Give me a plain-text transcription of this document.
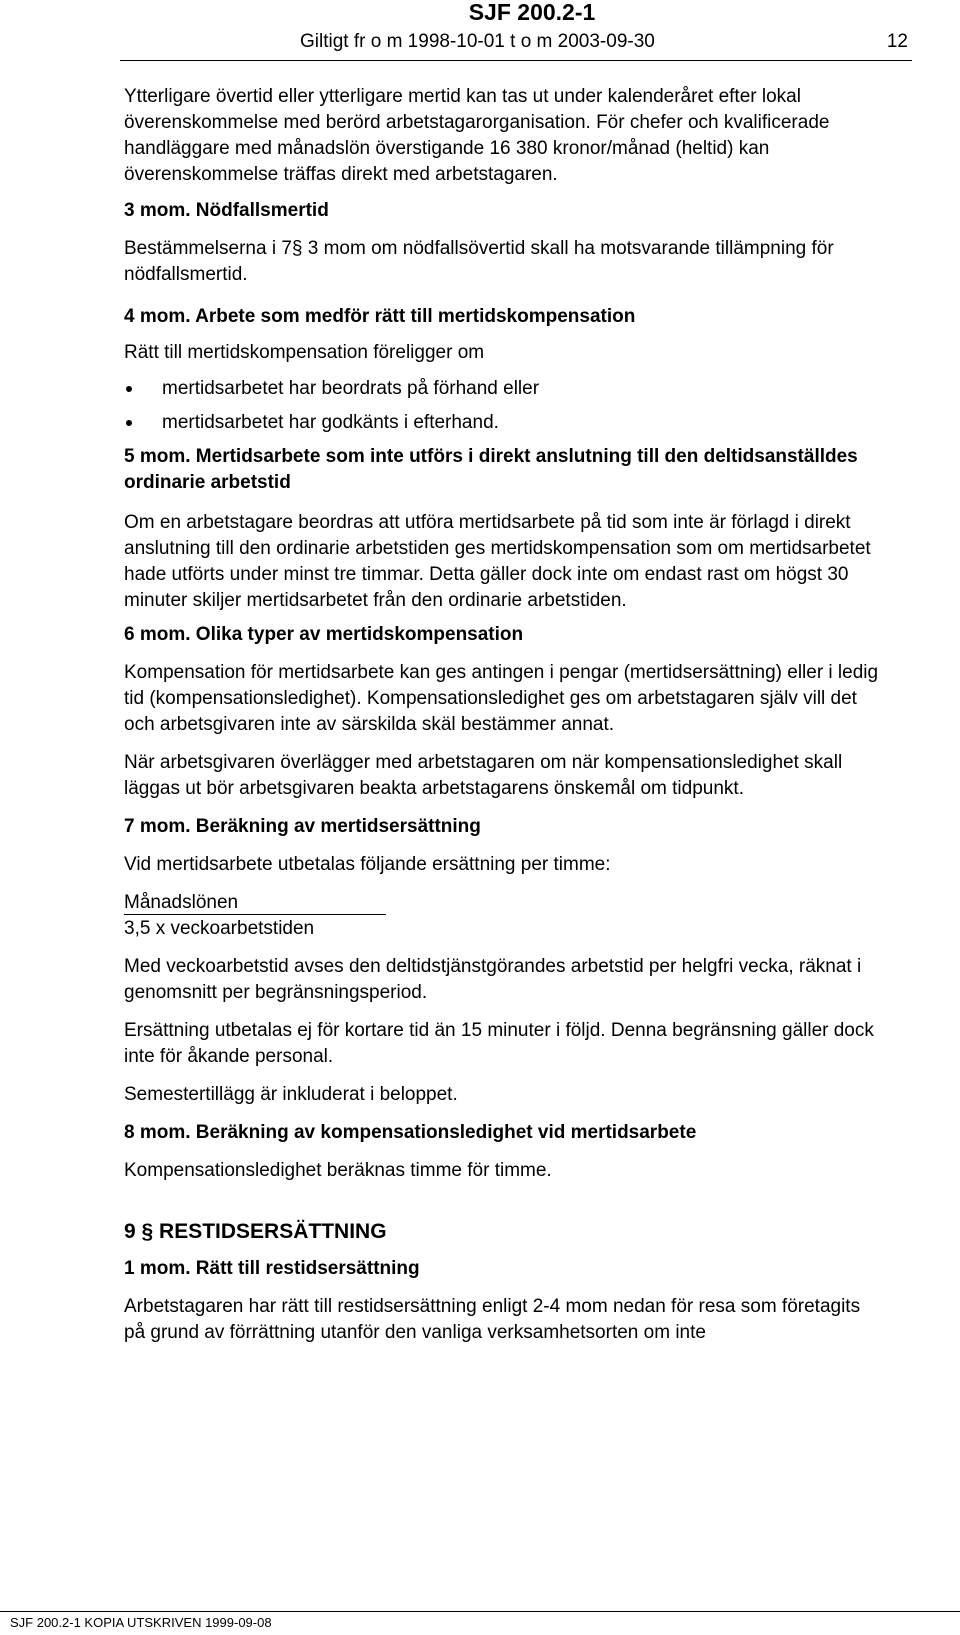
SJF 200.2-1
Giltigt fr o m 1998-10-01 t o m 2003-09-30	12

Ytterligare övertid eller ytterligare mertid kan tas ut under kalenderåret efter lokal överenskommelse med berörd arbetstagarorganisation. För chefer och kvalificerade handläggare med månadslön överstigande 16 380 kronor/månad (heltid) kan överenskommelse träffas direkt med arbetstagaren.

3 mom. Nödfallsmertid

Bestämmelserna i 7§ 3 mom om nödfallsövertid skall ha motsvarande tillämpning för nödfallsmertid.

4 mom. Arbete som medför rätt till mertidskompensation

Rätt till mertidskompensation föreligger om

mertidsarbetet har beordrats på förhand eller
mertidsarbetet har godkänts i efterhand.

5 mom. Mertidsarbete som inte utförs i direkt anslutning till den deltidsanställdes ordinarie arbetstid

Om en arbetstagare beordras att utföra mertidsarbete på tid som inte är förlagd i direkt anslutning till den ordinarie arbetstiden ges mertidskompensation som om mertidsarbetet hade utförts under minst tre timmar. Detta gäller dock inte om endast rast om högst 30 minuter skiljer mertidsarbetet från den ordinarie arbetstiden.

6 mom. Olika typer av mertidskompensation

Kompensation för mertidsarbete kan ges antingen i pengar (mertidsersättning) eller i ledig tid (kompensationsledighet). Kompensationsledighet ges om arbetstagaren själv vill det och arbetsgivaren inte av särskilda skäl bestämmer annat.

När arbetsgivaren överlägger med arbetstagaren om när kompensationsledighet skall läggas ut bör arbetsgivaren beakta arbetstagarens önskemål om tidpunkt.

7 mom. Beräkning av mertidsersättning

Vid mertidsarbete utbetalas följande ersättning per timme:

Månadslönen
3,5 x veckoarbetstiden

Med veckoarbetstid avses den deltidstjänstgörandes arbetstid per helgfri vecka, räknat i genomsnitt per begränsningsperiod.

Ersättning utbetalas ej för kortare tid än 15 minuter i följd. Denna begränsning gäller dock inte för åkande personal.

Semestertillägg är inkluderat i beloppet.

8 mom. Beräkning av kompensationsledighet vid mertidsarbete

Kompensationsledighet beräknas timme för timme.

9 § RESTIDSERSÄTTNING

1 mom. Rätt till restidsersättning

Arbetstagaren har rätt till restidsersättning enligt 2-4 mom nedan för resa som företagits på grund av förrättning utanför den vanliga verksamhetsorten om inte

SJF 200.2-1 KOPIA UTSKRIVEN 1999-09-08
